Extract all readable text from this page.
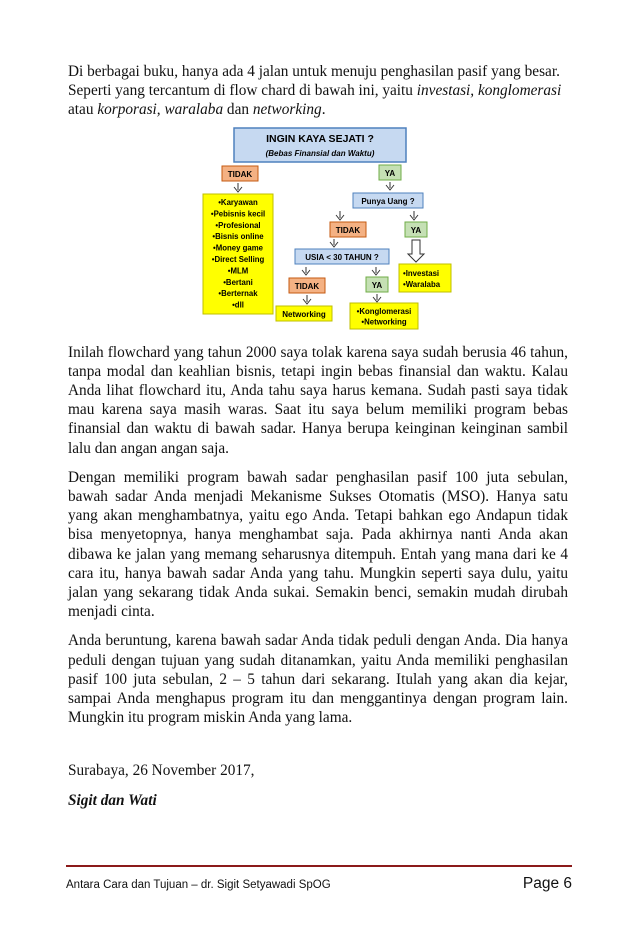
Di berbagai buku, hanya ada 4 jalan untuk menuju penghasilan pasif yang besar. Seperti yang tercantum di flow chard di bawah ini, yaitu investasi, konglomerasi atau korporasi, waralaba dan networking.

INGIN KAYA SEJATI ?
(Bebas Finansial dan Waktu)
TIDAK	YA
•Karyawan
•Pebisnis kecil
•Profesional
•Bisnis online
•Money game
•Direct Selling
•MLM
•Bertani
•Berternak
•dll
Punya Uang ?
TIDAK	YA
USIA < 30 TAHUN ?
•Investasi
•Waralaba
TIDAK	YA
Networking	•Konglomerasi
•Networking

Inilah flowchard yang tahun 2000 saya tolak karena saya sudah berusia 46 tahun, tanpa modal dan keahlian bisnis, tetapi ingin bebas finansial dan waktu. Kalau Anda lihat flowchard itu, Anda tahu saya harus kemana. Sudah pasti saya tidak mau karena saya masih waras. Saat itu saya belum memiliki program bebas finansial dan waktu di bawah sadar. Hanya berupa keinginan keinginan sambil lalu dan angan angan saja.

Dengan memiliki program bawah sadar penghasilan pasif 100 juta sebulan, bawah sadar Anda menjadi Mekanisme Sukses Otomatis (MSO). Hanya satu yang akan menghambatnya, yaitu ego Anda. Tetapi bahkan ego Andapun tidak bisa menyetopnya, hanya menghambat saja. Pada akhirnya nanti Anda akan dibawa ke jalan yang memang seharusnya ditempuh. Entah yang mana dari ke 4 cara itu, hanya bawah sadar Anda yang tahu. Mungkin seperti saya dulu, yaitu jalan yang sekarang tidak Anda sukai. Semakin benci, semakin mudah dirubah menjadi cinta.

Anda beruntung, karena bawah sadar Anda tidak peduli dengan Anda. Dia hanya peduli dengan tujuan yang sudah ditanamkan, yaitu Anda memiliki penghasilan pasif 100 juta sebulan, 2 – 5 tahun dari sekarang. Itulah yang akan dia kejar, sampai Anda menghapus program itu dan menggantinya dengan program lain. Mungkin itu program miskin Anda yang lama.

Surabaya, 26 November 2017,

Sigit dan Wati

Antara Cara dan Tujuan – dr. Sigit Setyawadi SpOG	Page 6
